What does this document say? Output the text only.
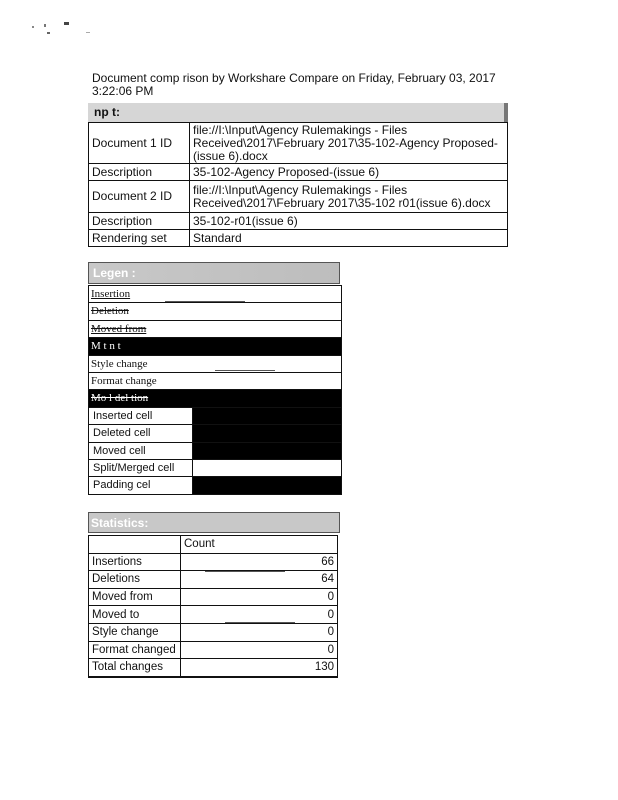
Document comp rison by Workshare Compare on Friday, February 03, 2017
3:22:06 PM
np t:
Document 1 ID	file://I:\Input\Agency Rulemakings - Files Received\2017\February 2017\35-102-Agency Proposed-(issue 6).docx
Description	35-102-Agency Proposed-(issue 6)
Document 2 ID	file://I:\Input\Agency Rulemakings - Files Received\2017\February 2017\35-102 r01(issue 6).docx
Description	35-102-r01(issue 6)
Rendering set	Standard
Legen :
Insertion
Deletion
Moved from
M t n t
Style change
Format change
Mo l del tion
Inserted cell
Deleted cell
Moved cell
Split/Merged cell
Padding cel
Statistics:
	Count
Insertions	66
Deletions	64
Moved from	0
Moved to	0
Style change	0
Format changed	0
Total changes	130
